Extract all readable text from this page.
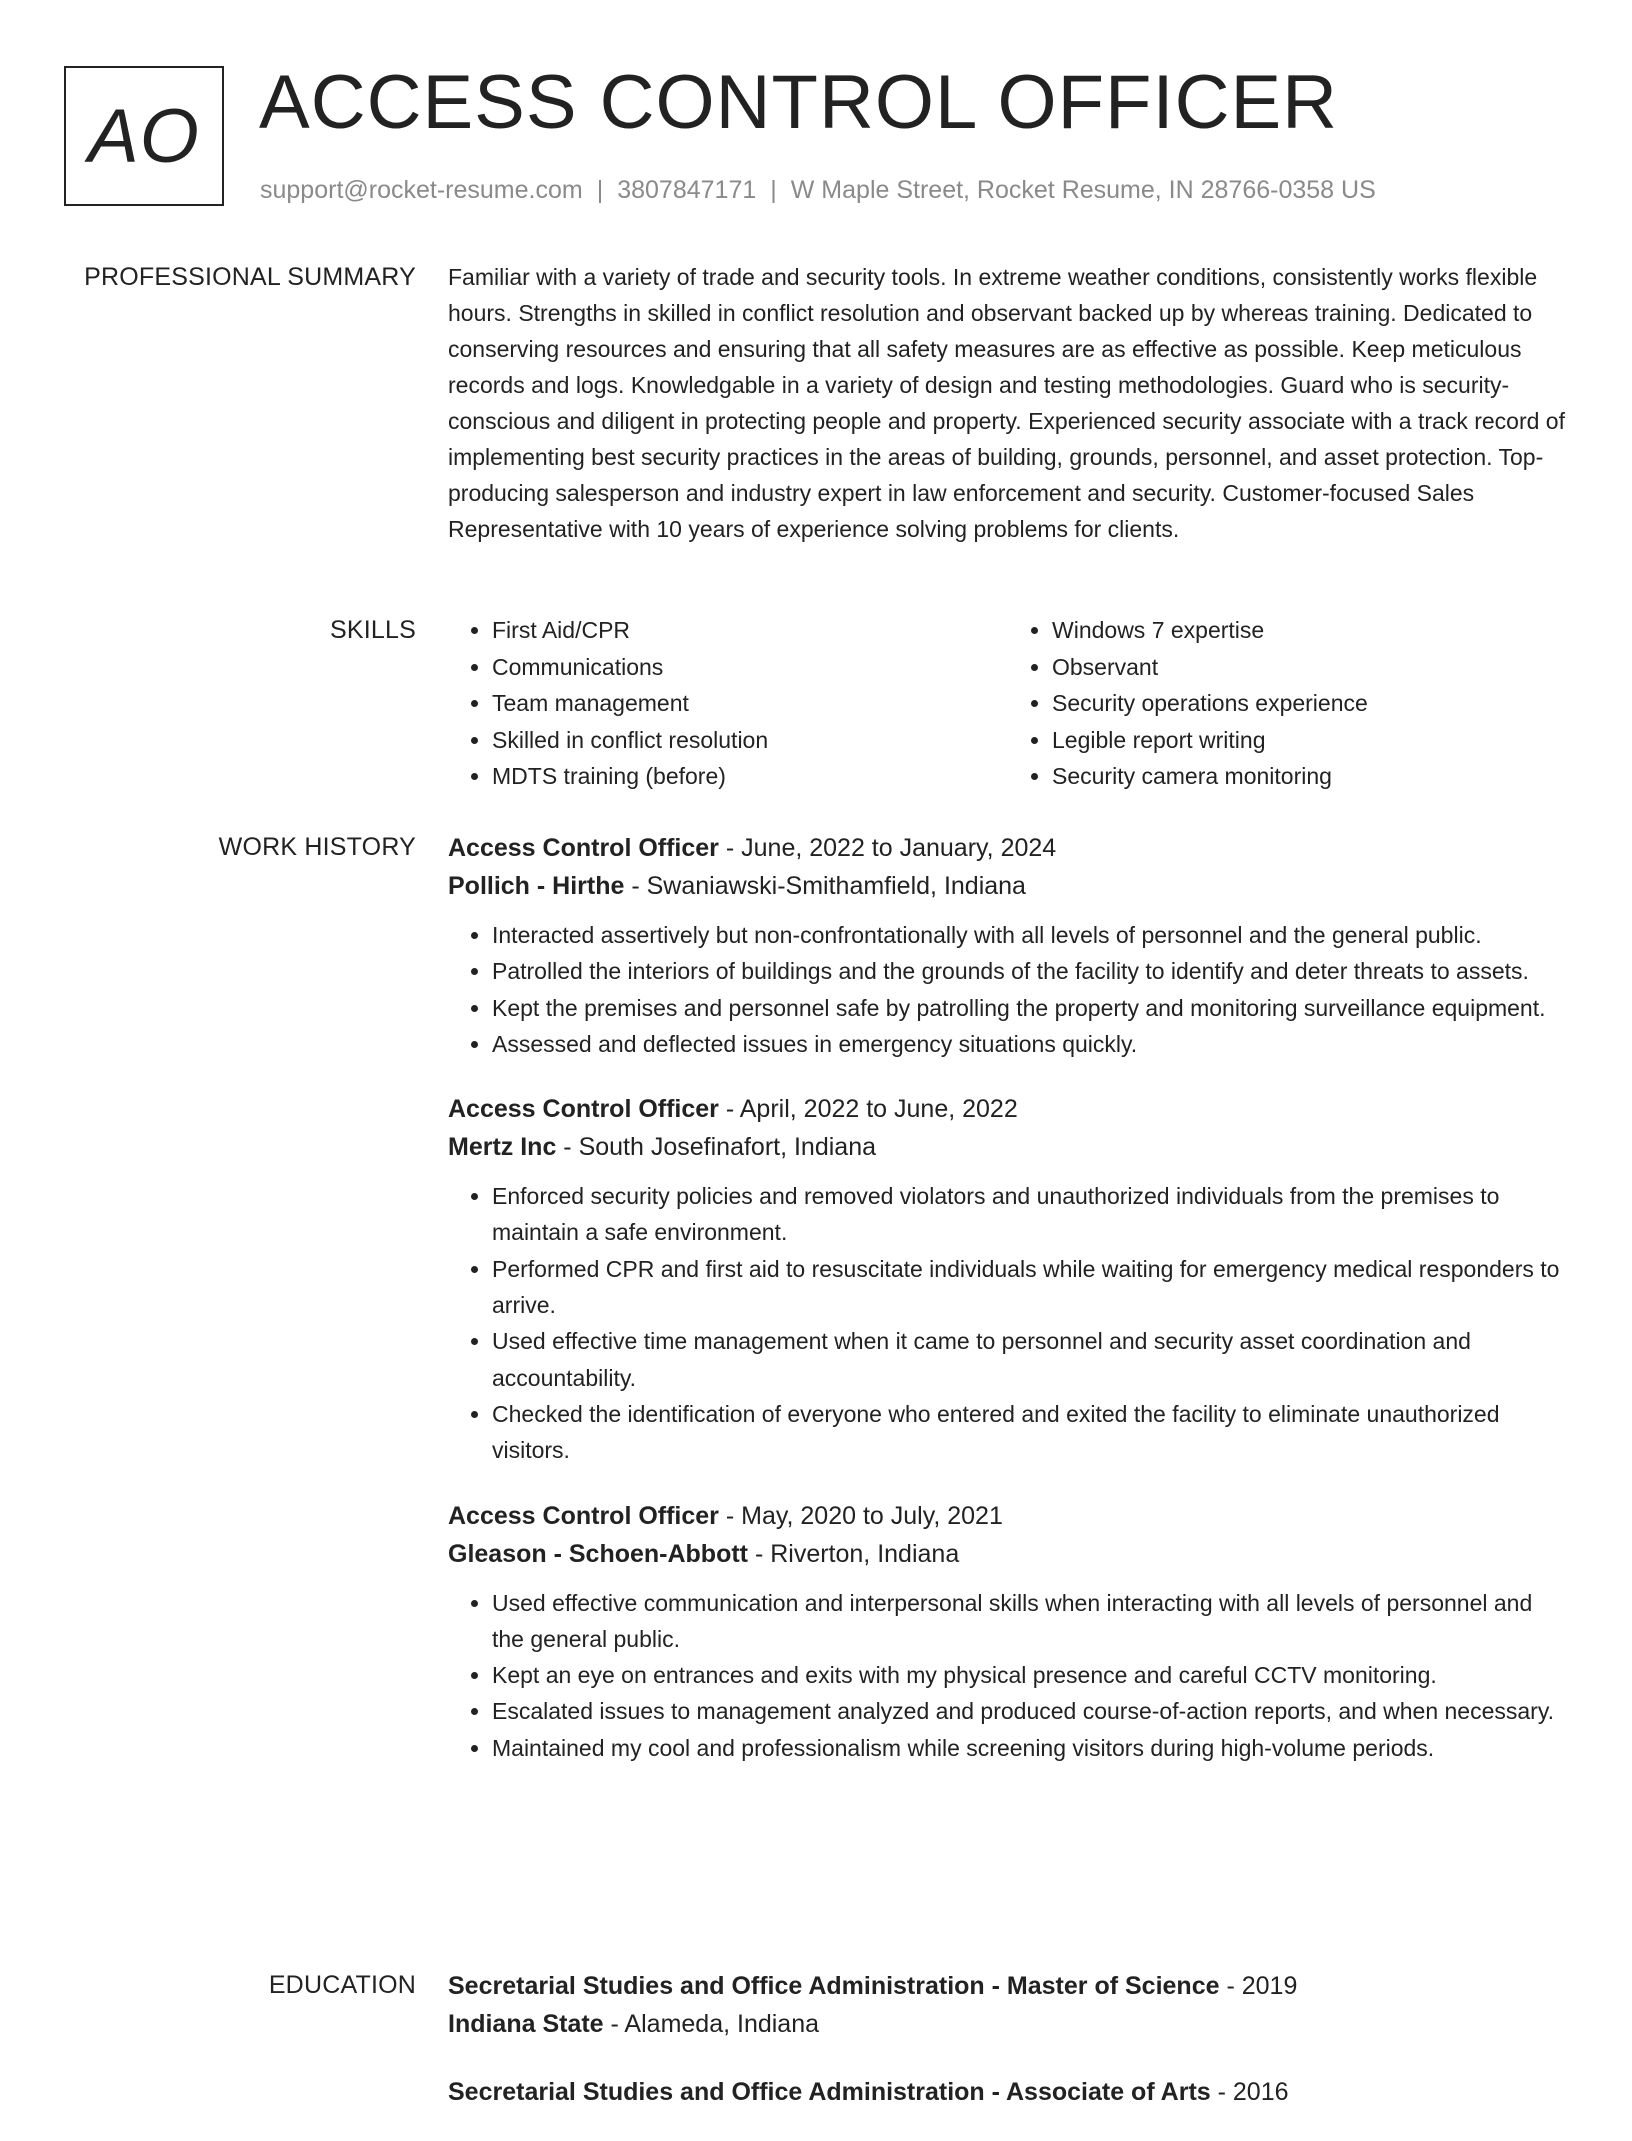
AO ACCESS CONTROL OFFICER
support@rocket-resume.com | 3807847171 | W Maple Street, Rocket Resume, IN 28766-0358 US
PROFESSIONAL SUMMARY Familiar with a variety of trade and security tools. In extreme weather conditions, consistently works flexible hours. Strengths in skilled in conflict resolution and observant backed up by whereas training. Dedicated to conserving resources and ensuring that all safety measures are as effective as possible. Keep meticulous records and logs. Knowledgable in a variety of design and testing methodologies. Guard who is security-conscious and diligent in protecting people and property. Experienced security associate with a track record of implementing best security practices in the areas of building, grounds, personnel, and asset protection. Top-producing salesperson and industry expert in law enforcement and security. Customer-focused Sales Representative with 10 years of experience solving problems for clients.

SKILLS
•	First Aid/CPR
• Communications
• Team management
• Skilled in conflict resolution
• MDTS training (before)
• Windows 7 expertise
• Observant
• Security operations experience
• Legible report writing
• Security camera monitoring
WORK HISTORY Access Control Officer - June, 2022 to January, 2024
Pollich - Hirthe - Swaniawski-Smithamfield, Indiana
• Interacted assertively but non-confrontationally with all levels of personnel and the general public.
• Patrolled the interiors of buildings and the grounds of the facility to identify and deter threats to assets.
• Kept the premises and personnel safe by patrolling the property and monitoring surveillance equipment.
• Assessed and deflected issues in emergency situations quickly.
Access Control Officer - April, 2022 to June, 2022
Mertz Inc - South Josefinafort, Indiana
• Enforced security policies and removed violators and unauthorized individuals from the premises to maintain a safe environment.
• Performed CPR and first aid to resuscitate individuals while waiting for emergency medical responders to arrive.
• Used effective time management when it came to personnel and security asset coordination and accountability.
• Checked the identification of everyone who entered and exited the facility to eliminate unauthorized visitors.
Access Control Officer - May, 2020 to July, 2021
Gleason - Schoen-Abbott - Riverton, Indiana
• Used effective communication and interpersonal skills when interacting with all levels of personnel and the general public.
• Kept an eye on entrances and exits with my physical presence and careful CCTV monitoring.
• Escalated issues to management analyzed and produced course-of-action reports, and when necessary.
• Maintained my cool and professionalism while screening visitors during high-volume periods.
EDUCATION Secretarial Studies and Office Administration - Master of Science - 2019
Indiana State - Alameda, Indiana
Secretarial Studies and Office Administration - Associate of Arts - 2016
